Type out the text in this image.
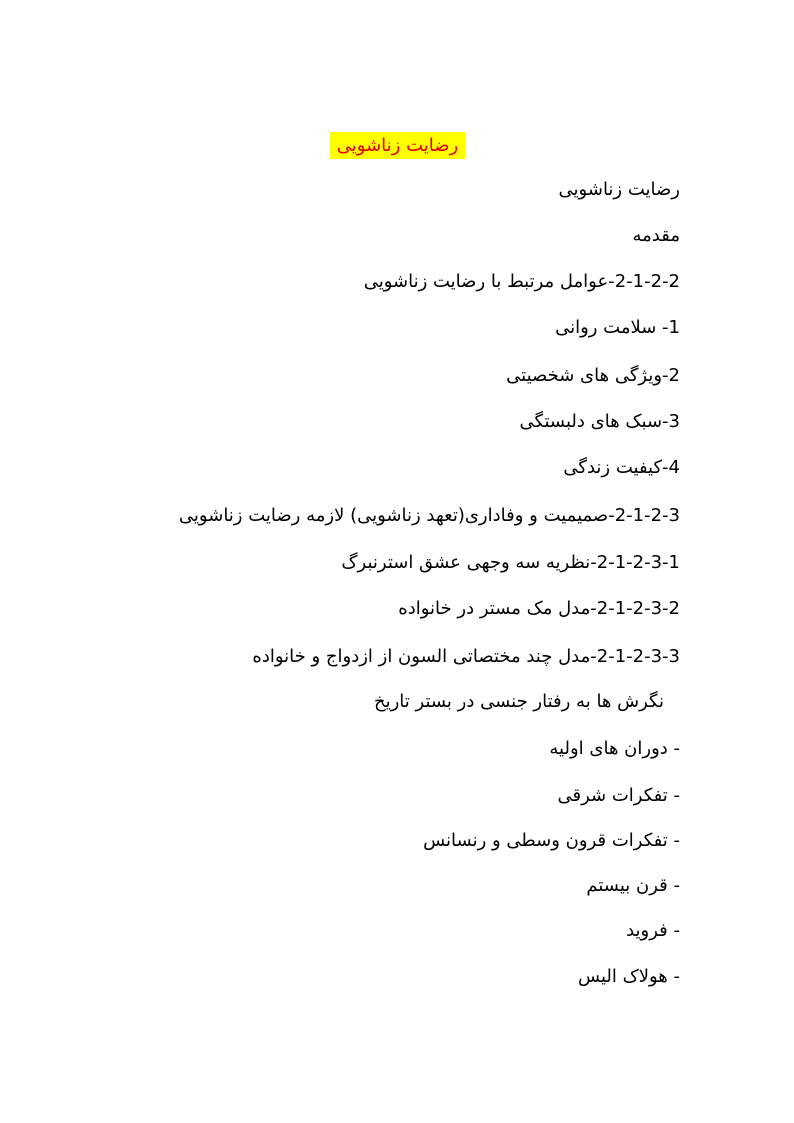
رضایت زناشویی
رضایت زناشویی
مقدمه
2-1-2-2-عوامل مرتبط با رضایت زناشویی
1- سلامت روانی
2-ویژگی های شخصیتی
3-سبک های دلبستگی
4-کیفیت زندگی
2-1-2-3-صمیمیت و وفاداری(تعهد زناشویی) لازمه رضایت زناشویی
2-1-2-3-1-نظریه سه وجهی عشق استرنبرگ
2-1-2-3-2-مدل مک مستر در خانواده
2-1-2-3-3-مدل چند مختصاتی السون از ازدواج و خانواده
نگرش ها به رفتار جنسی در بستر تاریخ
- دوران های اولیه
- تفکرات شرقی
- تفکرات قرون وسطی و رنسانس
- قرن بیستم
- فروید
- هولاک الیس
